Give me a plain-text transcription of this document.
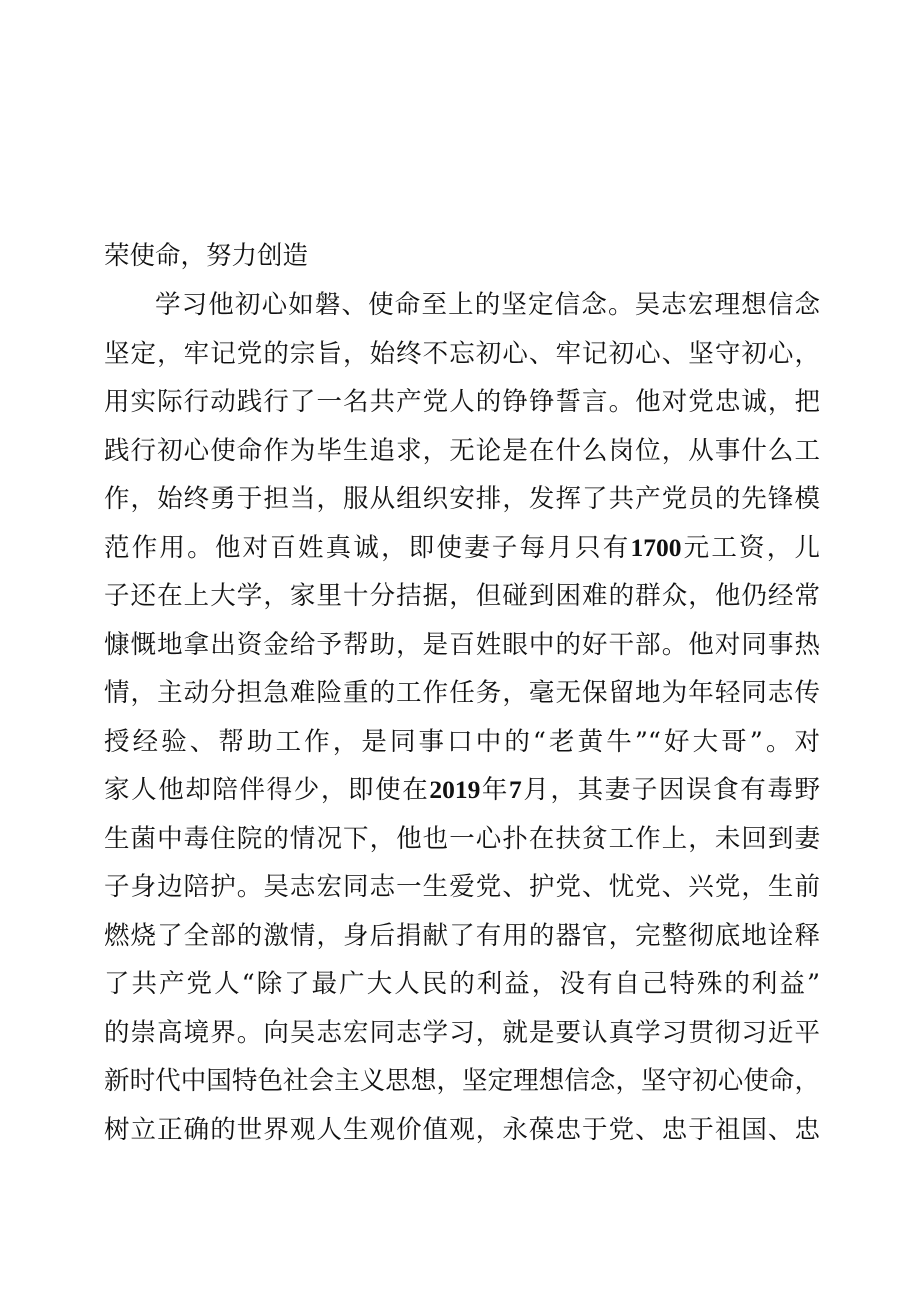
荣使命，努力创造
学习他初心如磐、使命至上的坚定信念。吴志宏理想信念
坚定，牢记党的宗旨，始终不忘初心、牢记初心、坚守初心，
用实际行动践行了一名共产党人的铮铮誓言。他对党忠诚，把
践行初心使命作为毕生追求，无论是在什么岗位，从事什么工
作，始终勇于担当，服从组织安排，发挥了共产党员的先锋模
范作用。他对百姓真诚，即使妻子每月只有1700元工资，儿
子还在上大学，家里十分拮据，但碰到困难的群众，他仍经常
慷慨地拿出资金给予帮助，是百姓眼中的好干部。他对同事热
情，主动分担急难险重的工作任务，毫无保留地为年轻同志传
授经验、帮助工作，是同事口中的“老黄牛”“好大哥”。对
家人他却陪伴得少，即使在2019年7月，其妻子因误食有毒野
生菌中毒住院的情况下，他也一心扑在扶贫工作上，未回到妻
子身边陪护。吴志宏同志一生爱党、护党、忧党、兴党，生前
燃烧了全部的激情，身后捐献了有用的器官，完整彻底地诠释
了共产党人“除了最广大人民的利益，没有自己特殊的利益”
的崇高境界。向吴志宏同志学习，就是要认真学习贯彻习近平
新时代中国特色社会主义思想，坚定理想信念，坚守初心使命，
树立正确的世界观人生观价值观，永葆忠于党、忠于祖国、忠
